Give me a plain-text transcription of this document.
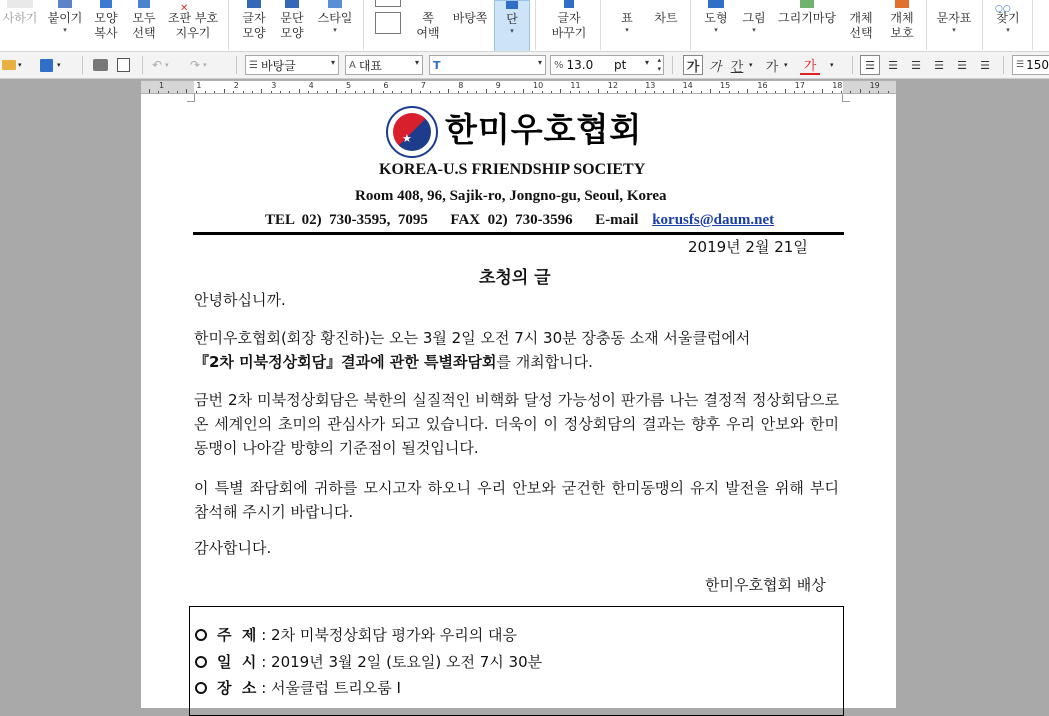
사하기 붙이기
▾
모양
복사
모두
선택
✕
조판 부호
지우기
글자
모양
문단
모양
스타일
▾
쪽
여백
바탕쪽 단
▾
글자
바꾸기
표
▾
차트 도형
▾
그림
▾
그리기마당 개체
선택
개체
보호
문자표
▾
○○
찾기
▾
▾	▾	↶ ▾ ↷ ▾	☰ 바탕글	▾ A 대표	▾ T	▾ % 13.0 pt ▾ ▴
▾ 가 가 간 ▾ 가 ▾ 가 ▾	☰	☰	☰	☰	☰	☰	☰ 150
1	1	2	3	4	5	6	7	8	9	10	11	12	13	14	15	16	17	18	19
★ 한미우호협회
KOREA-U.S FRIENDSHIP SOCIETY
Room 408, 96, Sajik-ro, Jongno-gu, Seoul, Korea
TEL  02)  730-3595,  7095      FAX  02)  730-3596      E-mail korusfs@daum.net
2019년 2월 21일
초청의 글
안녕하십니까.
한미우호협회(회장 황진하)는 오는 3월 2일 오전 7시 30분 장충동 소재 서울클럽에서
『2차 미북정상회담』결과에 관한 특별좌담회를 개최합니다.
금번 2차 미북정상회담은 북한의 실질적인 비핵화 달성 가능성이 판가름 나는 결정적 정상회담으로 온 세계인의 초미의 관심사가 되고 있습니다. 더욱이 이 정상회담의 결과는 향후 우리 안보와 한미동맹이 나아갈 방향의 기준점이 될것입니다.
이 특별 좌담회에 귀하를 모시고자 하오니 우리 안보와 굳건한 한미동맹의 유지 발전을 위해 부디 참석해 주시기 바랍니다.
감사합니다.
한미우호협회 배상
주  제 : 2차 미북정상회담 평가와 우리의 대응
일  시 : 2019년 3월 2일 (토요일) 오전 7시 30분
장  소 : 서울클럽 트리오룸 I
